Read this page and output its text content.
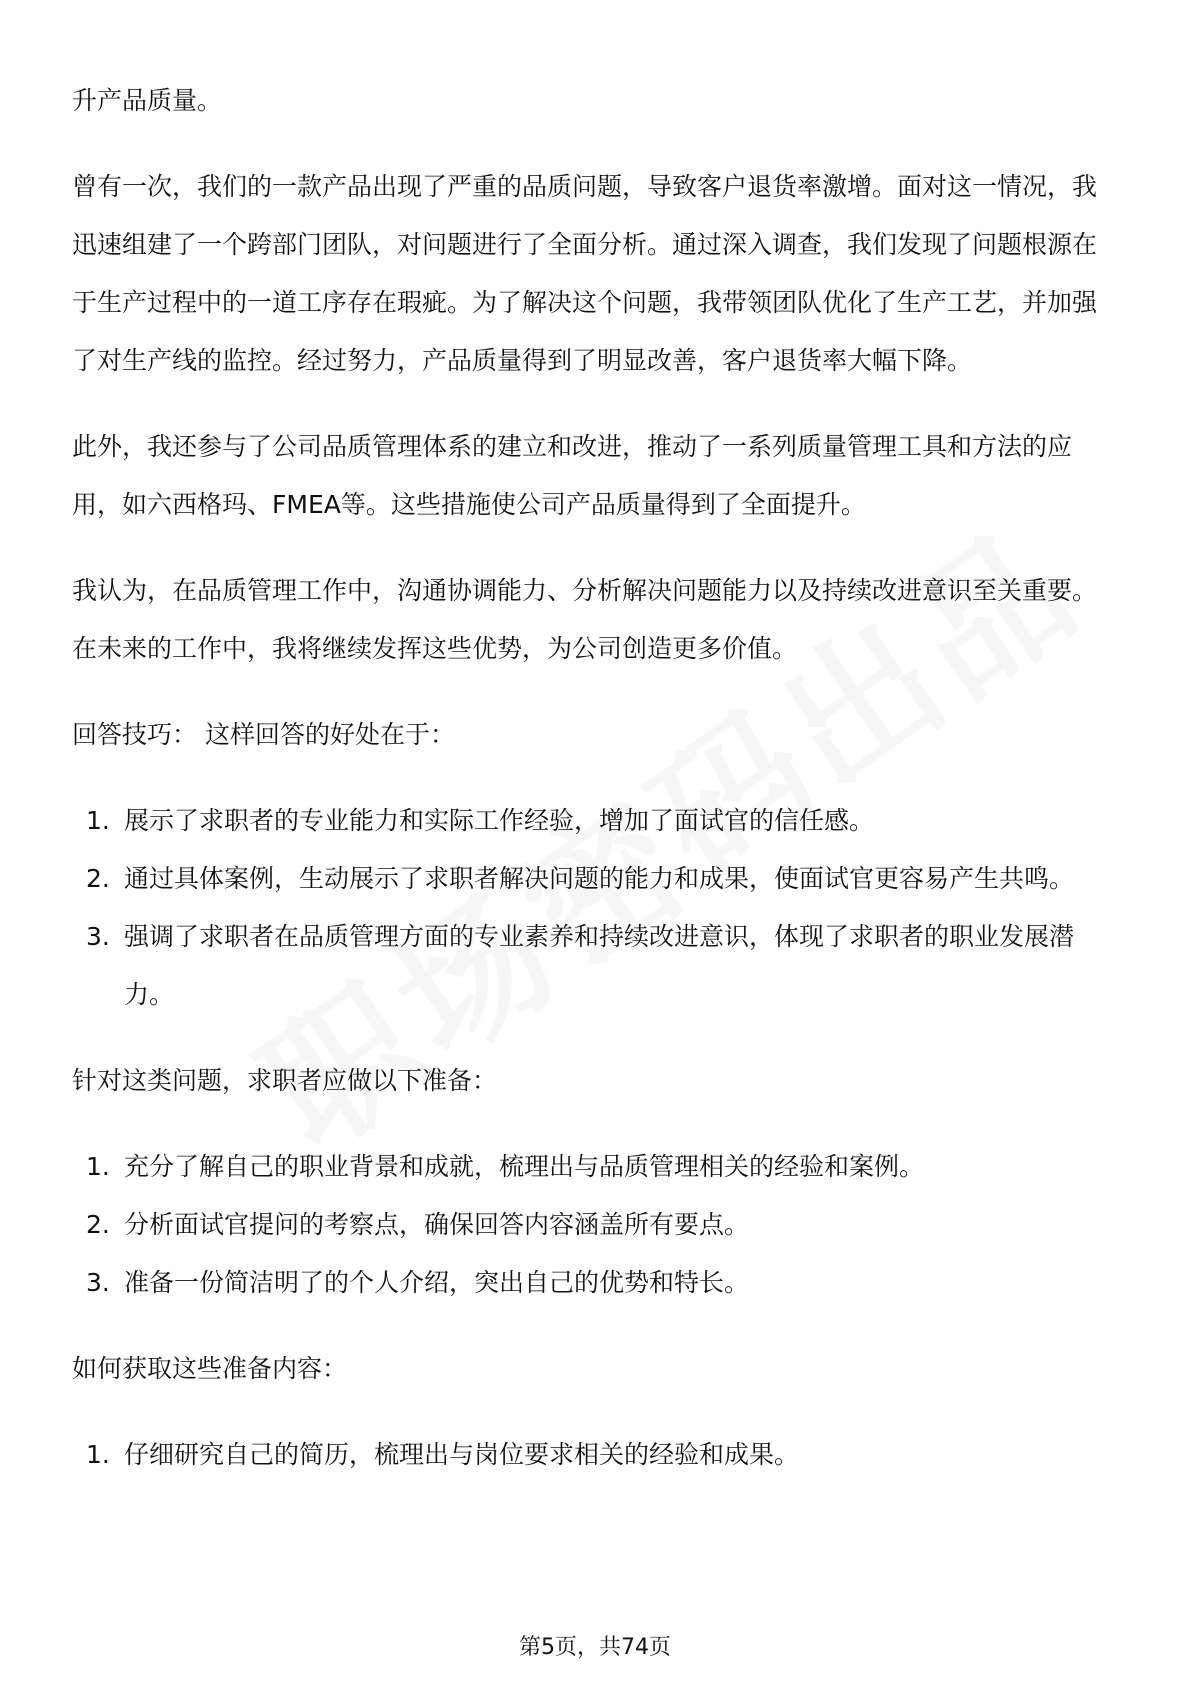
升产品质量。

曾有一次，我们的一款产品出现了严重的品质问题，导致客户退货率激增。面对这一情况，我迅速组建了一个跨部门团队，对问题进行了全面分析。通过深入调查，我们发现了问题根源在于生产过程中的一道工序存在瑕疵。为了解决这个问题，我带领团队优化了生产工艺，并加强了对生产线的监控。经过努力，产品质量得到了明显改善，客户退货率大幅下降。

此外，我还参与了公司品质管理体系的建立和改进，推动了一系列质量管理工具和方法的应用，如六西格玛、FMEA等。这些措施使公司产品质量得到了全面提升。

我认为，在品质管理工作中，沟通协调能力、分析解决问题能力以及持续改进意识至关重要。在未来的工作中，我将继续发挥这些优势，为公司创造更多价值。

回答技巧： 这样回答的好处在于：

1. 展示了求职者的专业能力和实际工作经验，增加了面试官的信任感。
2. 通过具体案例，生动展示了求职者解决问题的能力和成果，使面试官更容易产生共鸣。
3. 强调了求职者在品质管理方面的专业素养和持续改进意识，体现了求职者的职业发展潜力。

针对这类问题，求职者应做以下准备：

1. 充分了解自己的职业背景和成就，梳理出与品质管理相关的经验和案例。
2. 分析面试官提问的考察点，确保回答内容涵盖所有要点。
3. 准备一份简洁明了的个人介绍，突出自己的优势和特长。

如何获取这些准备内容：

1. 仔细研究自己的简历，梳理出与岗位要求相关的经验和成果。
第5页，共74页
